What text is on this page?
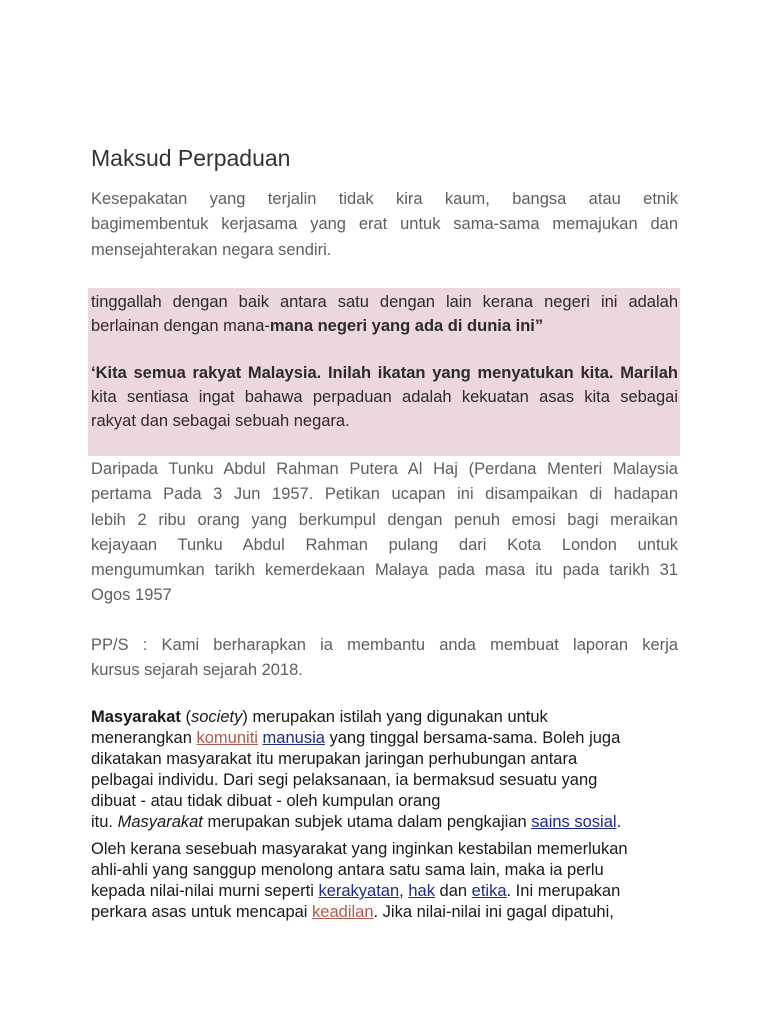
Maksud Perpaduan
Kesepakatan yang terjalin tidak kira kaum, bangsa atau etnik
bagimembentuk kerjasama yang erat untuk sama-sama memajukan dan
mensejahterakan negara sendiri.
tinggallah dengan baik antara satu dengan lain kerana negeri ini adalah
berlainan dengan mana-mana negeri yang ada di dunia ini”
‘Kita semua rakyat Malaysia. Inilah ikatan yang menyatukan kita. Marilah
kita sentiasa ingat bahawa perpaduan adalah kekuatan asas kita sebagai
rakyat dan sebagai sebuah negara.
Daripada Tunku Abdul Rahman Putera Al Haj (Perdana Menteri Malaysia
pertama Pada 3 Jun 1957. Petikan ucapan ini disampaikan di hadapan
lebih 2 ribu orang yang berkumpul dengan penuh emosi bagi meraikan
kejayaan Tunku Abdul Rahman pulang dari Kota London untuk
mengumumkan tarikh kemerdekaan Malaya pada masa itu pada tarikh 31
Ogos 1957
PP/S : Kami berharapkan ia membantu anda membuat laporan kerja
kursus sejarah sejarah 2018.
Masyarakat (society) merupakan istilah yang digunakan untuk
menerangkan komuniti manusia yang tinggal bersama-sama. Boleh juga
dikatakan masyarakat itu merupakan jaringan perhubungan antara
pelbagai individu. Dari segi pelaksanaan, ia bermaksud sesuatu yang
dibuat - atau tidak dibuat - oleh kumpulan orang
itu. Masyarakat merupakan subjek utama dalam pengkajian sains sosial.
Oleh kerana sesebuah masyarakat yang inginkan kestabilan memerlukan
ahli-ahli yang sanggup menolong antara satu sama lain, maka ia perlu
kepada nilai-nilai murni seperti kerakyatan, hak dan etika. Ini merupakan
perkara asas untuk mencapai keadilan. Jika nilai-nilai ini gagal dipatuhi,
